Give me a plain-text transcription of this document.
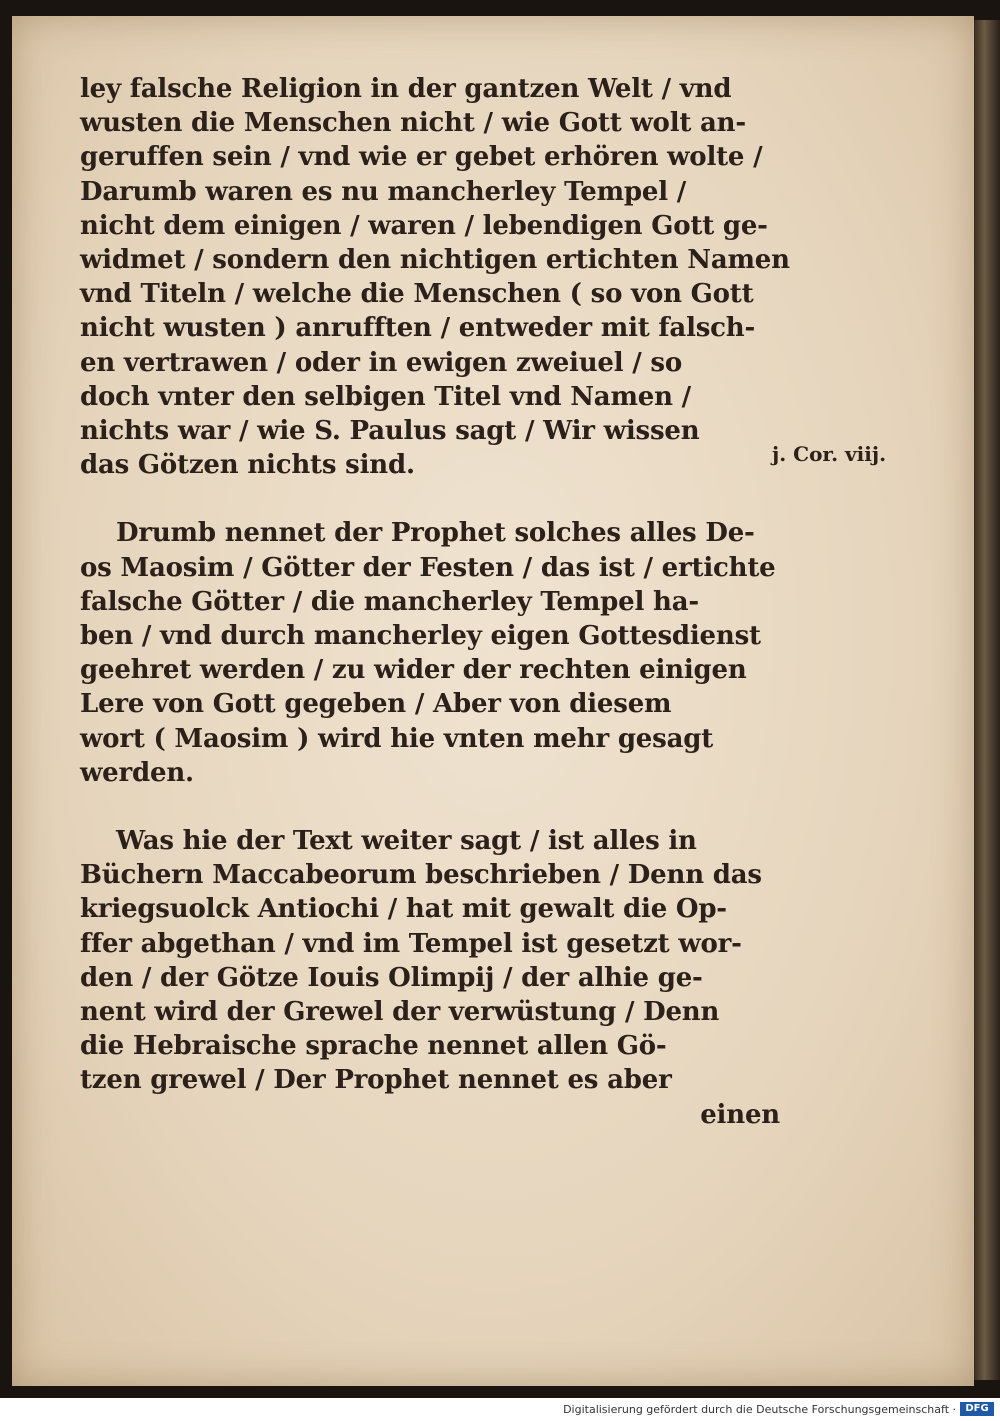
ley falsche Religion in der gantzen Welt / vnd
wusten die Menschen nicht / wie Gott wolt an-
geruffen sein / vnd wie er gebet erhören wolte /
Darumb waren es nu mancherley Tempel /
nicht dem einigen / waren / lebendigen Gott ge-
widmet / sondern den nichtigen ertichten Namen
vnd Titeln / welche die Menschen ( so von Gott
nicht wusten ) anrufften / entweder mit falsch-
en vertrawen / oder in ewigen zweiuel / so
doch vnter den selbigen Titel vnd Namen /
nichts war / wie S. Paulus sagt / Wir wissen
das Götzen nichts sind.
Drumb nennet der Prophet solches alles De-
os Maosim / Götter der Festen / das ist / ertichte
falsche Götter / die mancherley Tempel ha-
ben / vnd durch mancherley eigen Gottesdienst
geehret werden / zu wider der rechten einigen
Lere von Gott gegeben / Aber von diesem
wort ( Maosim ) wird hie vnten mehr gesagt
werden.
Was hie der Text weiter sagt / ist alles in
Büchern Maccabeorum beschrieben / Denn das
kriegsuolck Antiochi / hat mit gewalt die Op-
ffer abgethan / vnd im Tempel ist gesetzt wor-
den / der Götze Iouis Olimpij / der alhie ge-
nent wird der Grewel der verwüstung / Denn
die Hebraische sprache nennet allen Gö-
tzen grewel / Der Prophet nennet es aber
einen
j. Cor. viij.
Digitalisierung gefördert durch die Deutsche Forschungsgemeinschaft · DFG
